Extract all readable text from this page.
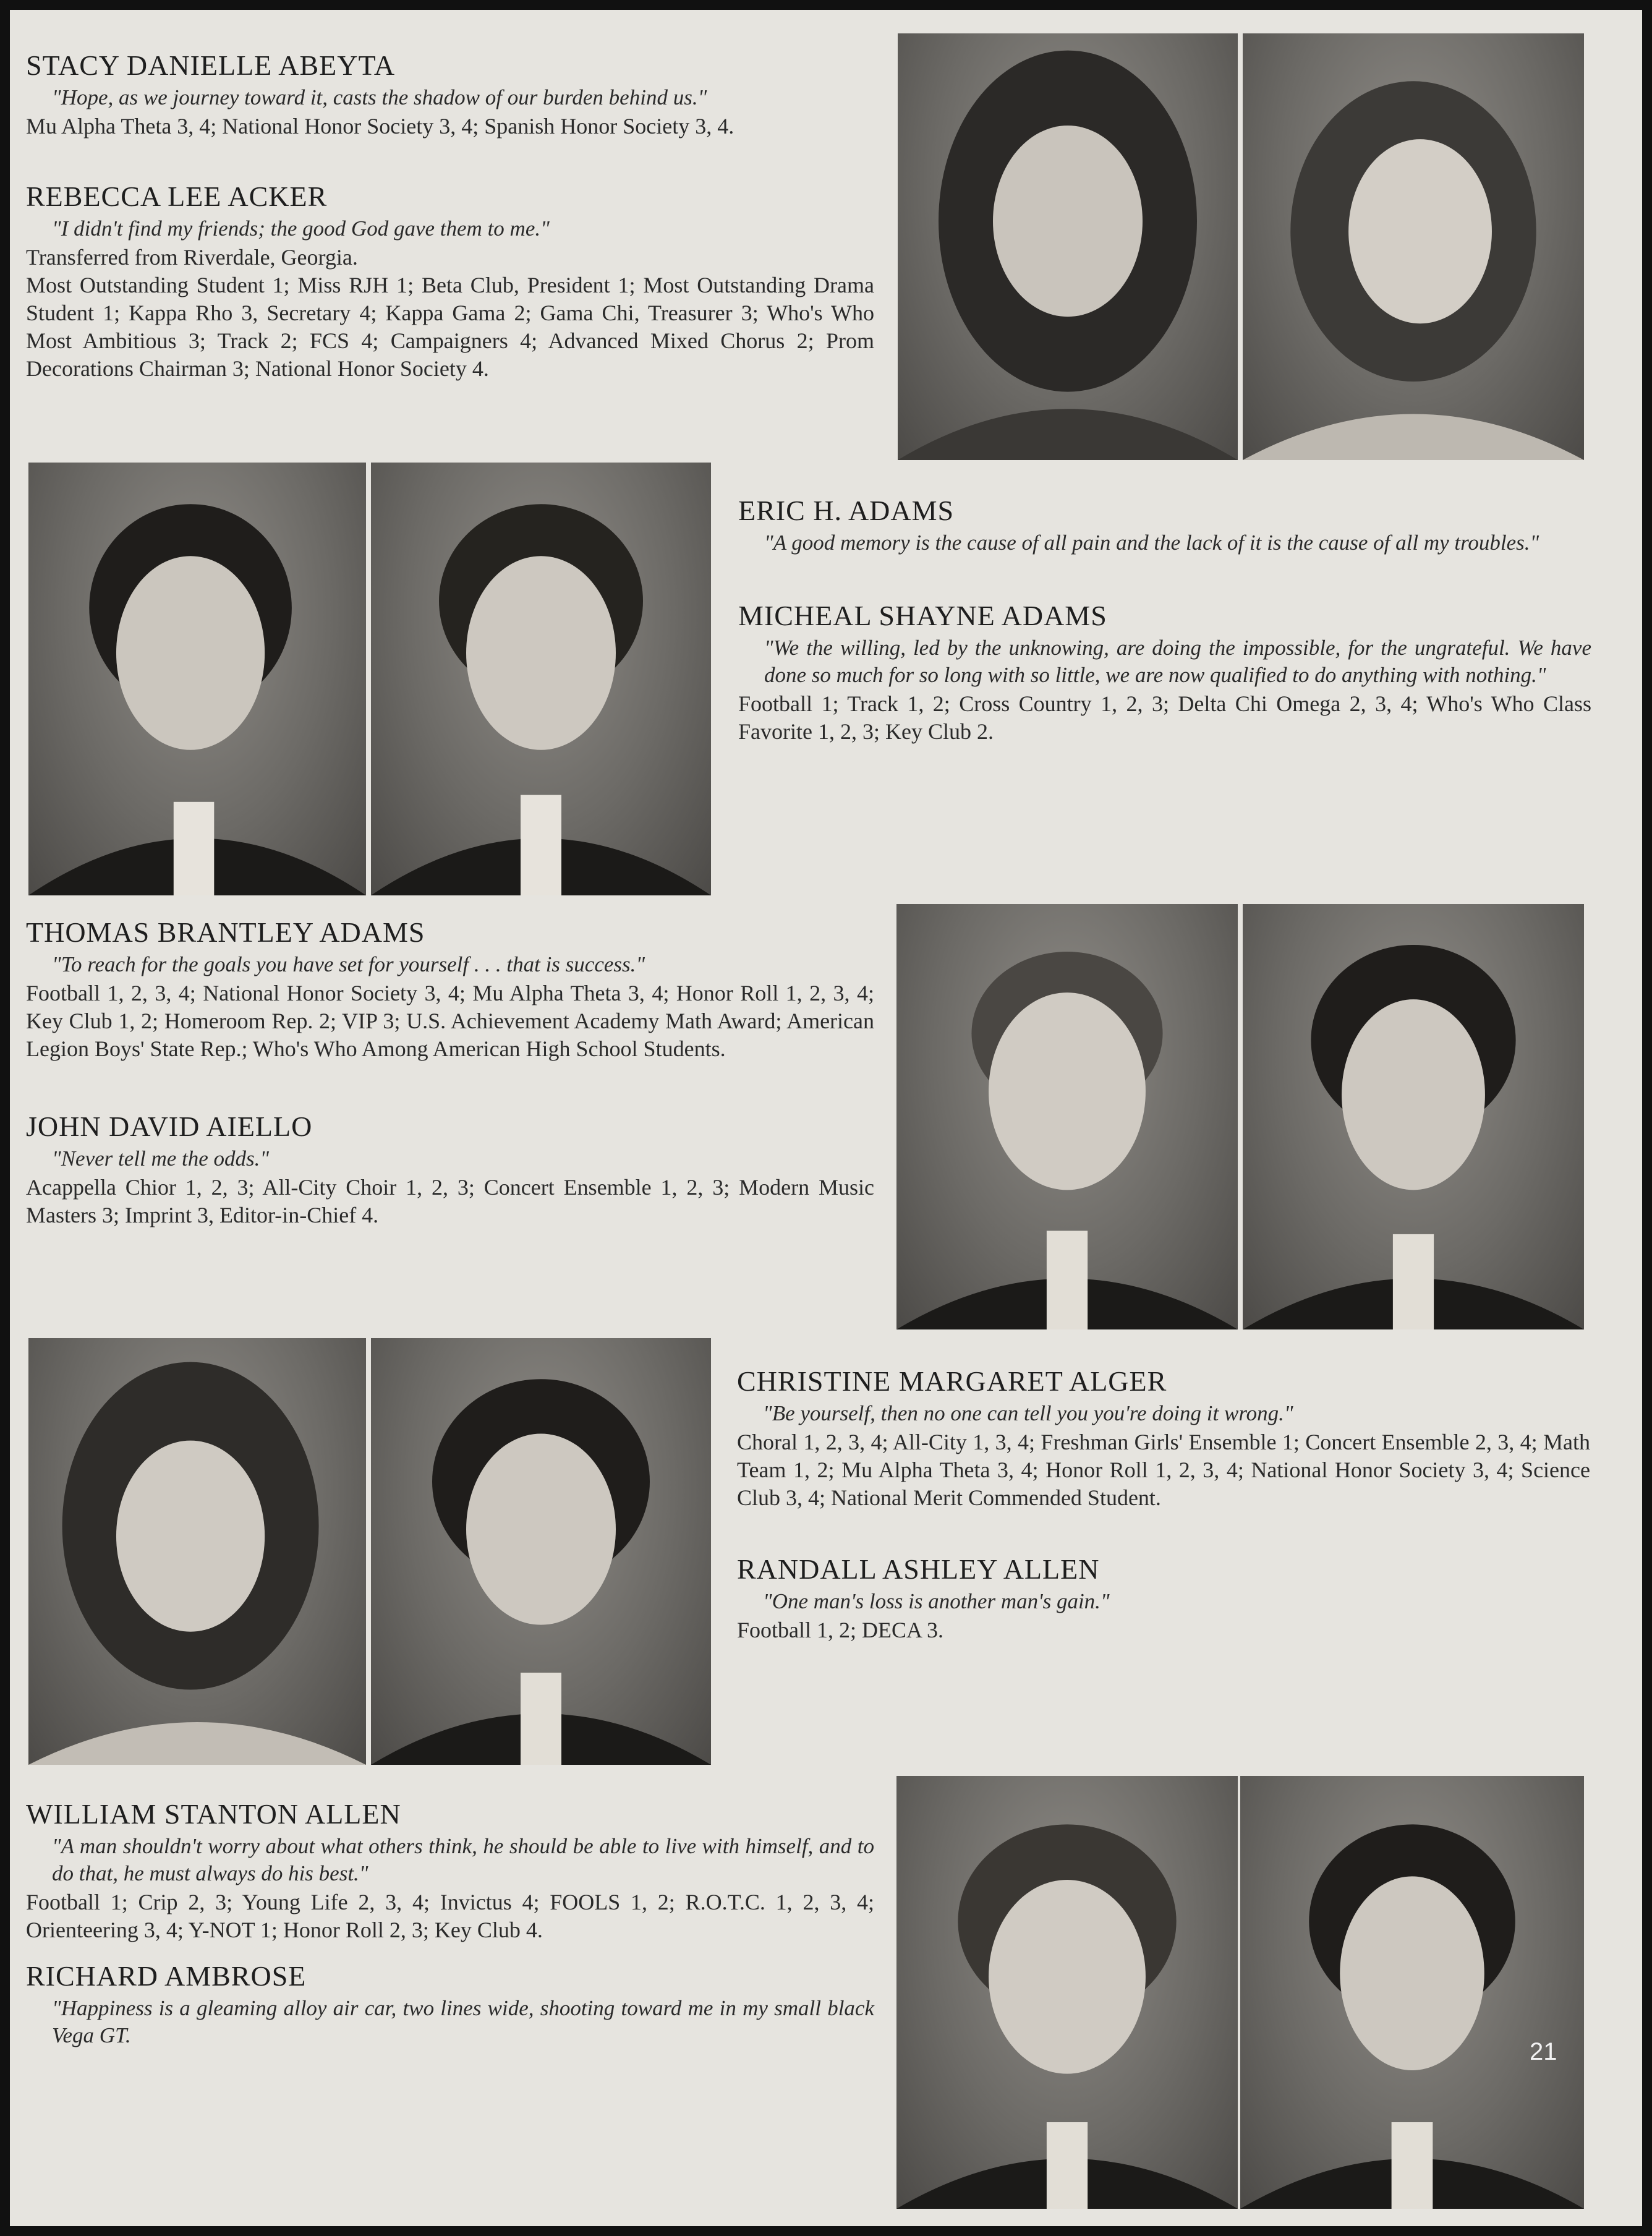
STACY DANIELLE ABEYTA
"Hope, as we journey toward it, casts the shadow of our burden behind us."
Mu Alpha Theta 3, 4; National Honor Society 3, 4; Spanish Honor Society 3, 4.
REBECCA LEE ACKER
"I didn't find my friends; the good God gave them to me."
Transferred from Riverdale, Georgia.
Most Outstanding Student 1; Miss RJH 1; Beta Club, President 1; Most Outstanding Drama Student 1; Kappa Rho 3, Secretary 4; Kappa Gama 2; Gama Chi, Treasurer 3; Who's Who Most Ambitious 3; Track 2; FCS 4; Campaigners 4; Advanced Mixed Chorus 2; Prom Decorations Chairman 3; National Honor Society 4.
ERIC H. ADAMS
"A good memory is the cause of all pain and the lack of it is the cause of all my troubles."
MICHEAL SHAYNE ADAMS
"We the willing, led by the unknowing, are doing the impossible, for the ungrateful. We have done so much for so long with so little, we are now qualified to do anything with nothing."
Football 1; Track 1, 2; Cross Country 1, 2, 3; Delta Chi Omega 2, 3, 4; Who's Who Class Favorite 1, 2, 3; Key Club 2.
THOMAS BRANTLEY ADAMS
"To reach for the goals you have set for yourself . . . that is success."
Football 1, 2, 3, 4; National Honor Society 3, 4; Mu Alpha Theta 3, 4; Honor Roll 1, 2, 3, 4; Key Club 1, 2; Homeroom Rep. 2; VIP 3; U.S. Achievement Academy Math Award; American Legion Boys' State Rep.; Who's Who Among American High School Students.
JOHN DAVID AIELLO
"Never tell me the odds."
Acappella Chior 1, 2, 3; All-City Choir 1, 2, 3; Concert Ensemble 1, 2, 3; Modern Music Masters 3; Imprint 3, Editor-in-Chief 4.
CHRISTINE MARGARET ALGER
"Be yourself, then no one can tell you you're doing it wrong."
Choral 1, 2, 3, 4; All-City 1, 3, 4; Freshman Girls' Ensemble 1; Concert Ensemble 2, 3, 4; Math Team 1, 2; Mu Alpha Theta 3, 4; Honor Roll 1, 2, 3, 4; National Honor Society 3, 4; Science Club 3, 4; National Merit Commended Student.
RANDALL ASHLEY ALLEN
"One man's loss is another man's gain."
Football 1, 2; DECA 3.
WILLIAM STANTON ALLEN
"A man shouldn't worry about what others think, he should be able to live with himself, and to do that, he must always do his best."
Football 1; Crip 2, 3; Young Life 2, 3, 4; Invictus 4; FOOLS 1, 2; R.O.T.C. 1, 2, 3, 4; Orienteering 3, 4; Y-NOT 1; Honor Roll 2, 3; Key Club 4.
RICHARD AMBROSE
"Happiness is a gleaming alloy air car, two lines wide, shooting toward me in my small black Vega GT.
21
